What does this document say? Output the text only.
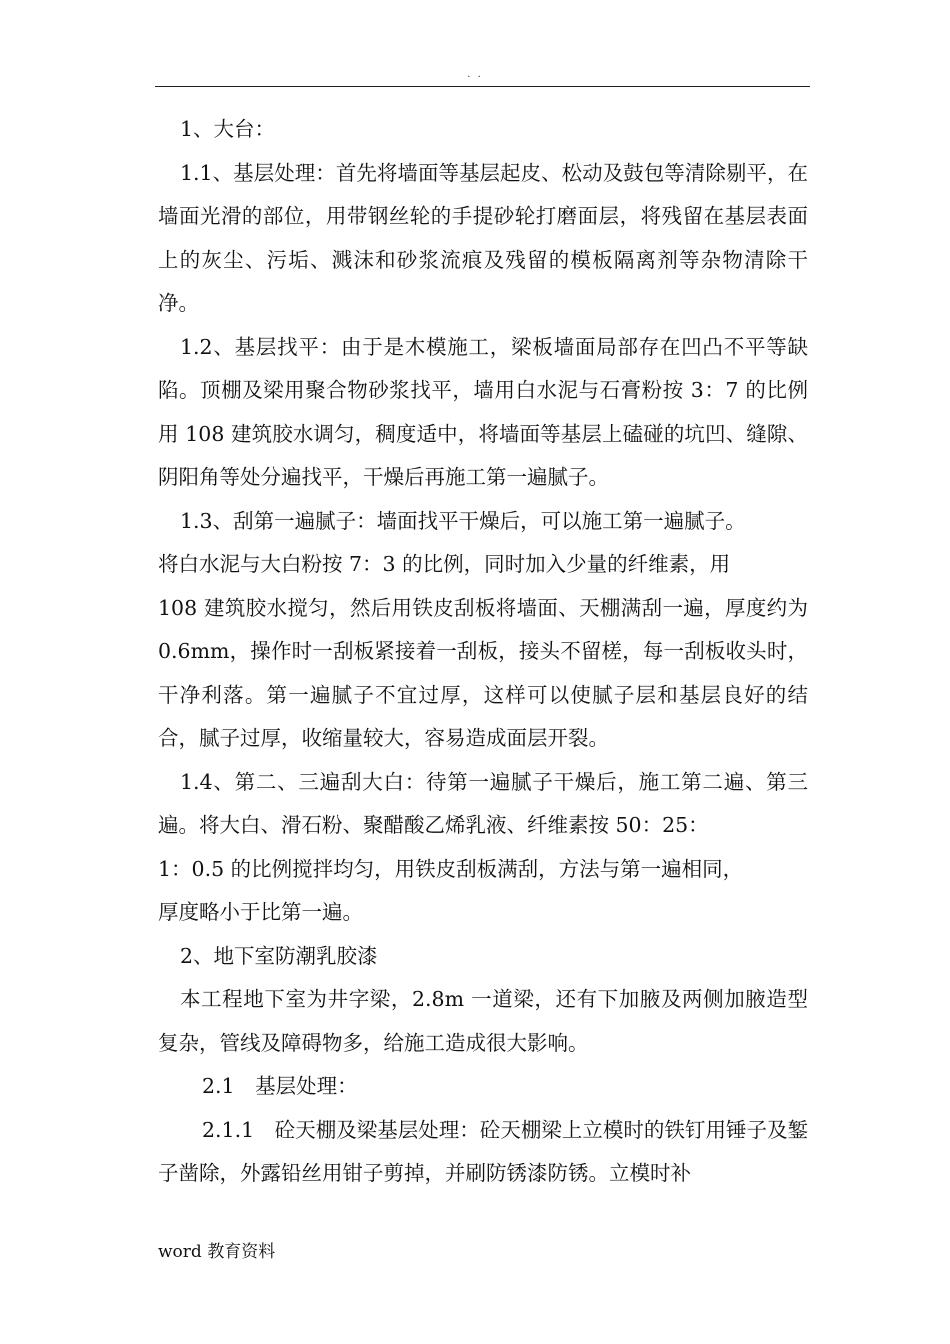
. .

1、大台：

1.1、基层处理：首先将墙面等基层起皮、松动及鼓包等清除剔平，在墙面光滑的部位，用带钢丝轮的手提砂轮打磨面层，将残留在基层表面上的灰尘、污垢、溅沫和砂浆流痕及残留的模板隔离剂等杂物清除干净。

1.2、基层找平：由于是木模施工，梁板墙面局部存在凹凸不平等缺陷。顶棚及梁用聚合物砂浆找平，墙用白水泥与石膏粉按 3：7 的比例用 108 建筑胶水调匀，稠度适中，将墙面等基层上磕碰的坑凹、缝隙、阴阳角等处分遍找平，干燥后再施工第一遍腻子。

1.3、刮第一遍腻子：墙面找平干燥后，可以施工第一遍腻子。

将白水泥与大白粉按 7：3 的比例，同时加入少量的纤维素，用

108 建筑胶水搅匀，然后用铁皮刮板将墙面、天棚满刮一遍，厚度约为 0.6mm，操作时一刮板紧接着一刮板，接头不留槎，每一刮板收头时，干净利落。第一遍腻子不宜过厚，这样可以使腻子层和基层良好的结合，腻子过厚，收缩量较大，容易造成面层开裂。

1.4、第二、三遍刮大白：待第一遍腻子干燥后，施工第二遍、第三遍。将大白、滑石粉、聚醋酸乙烯乳液、纤维素按 50：25：

1：0.5 的比例搅拌均匀，用铁皮刮板满刮，方法与第一遍相同，

厚度略小于比第一遍。

2、地下室防潮乳胶漆

本工程地下室为井字梁，2.8m 一道梁，还有下加腋及两侧加腋造型复杂，管线及障碍物多，给施工造成很大影响。

2.1　基层处理：

2.1.1　砼天棚及梁基层处理：砼天棚梁上立模时的铁钉用锤子及錾子凿除，外露铅丝用钳子剪掉，并刷防锈漆防锈。立模时补

word 教育资料
